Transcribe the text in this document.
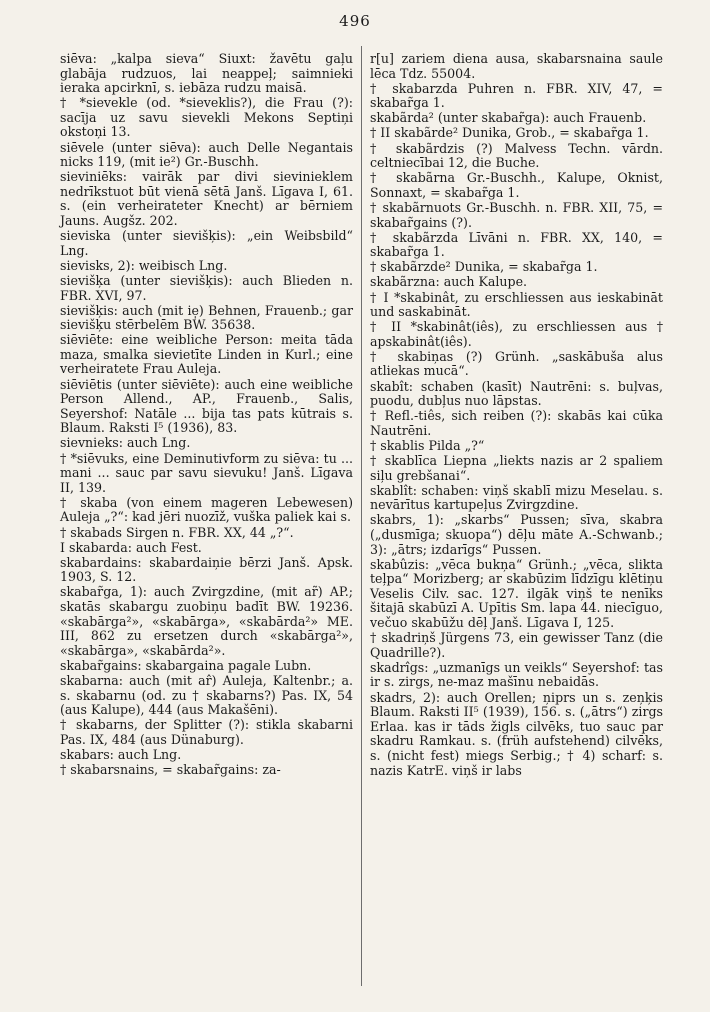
496

siēva: „kalpa sieva“ Siuxt: žavētu gaļu glabāja rudzuos, lai neappeļ; saimnieki ieraka apcirknī, s. iebāza rudzu maisā.

† *sievekle (od. *sieveklis?), die Frau (?): sacīja uz savu sievekli Mekons Septiņi okstoņi 13.

siēvele (unter siēva): auch Delle Negantais nicks 119, (mit ie²) Gr.-Buschh.

sieviniēks: vairāk par divi sievinieklem nedrīkstuot būt vienā sētā Janš. Līgava I, 61. s. (ein verheirateter Knecht) ar bērniem Jauns. Augšz. 202.

sieviska (unter sievišķis): „ein Weibsbild“ Lng.

sievisks, 2): weibisch Lng.

sievišķa (unter sievišķis): auch Blieden n. FBR. XVI, 97.

sievišķis: auch (mit ie̩) Behnen, Frauenb.; gar sievišķu stērbelēm BW. 35638.

siēviēte: eine weibliche Person: meita tāda maza, smalka sievietīte Linden in Kurl.; eine verheiratete Frau Auleja.

siēviētis (unter siēviēte): auch eine weibliche Person Allend., AP., Frauenb., Salis, Seyershof: Natāle ... bija tas pats kūtrais s. Blaum. Raksti I⁵ (1936), 83.

sievnieks: auch Lng.

† *siēvuks, eine Deminutivform zu siēva: tu ... mani ... sauc par savu sievuku! Janš. Līgava II, 139.

† skaba (von einem mageren Lebewesen) Auleja „?“: kad jēri nuozīž, vuška paliek kai s.

† skabads Sirgen n. FBR. XX, 44 „?“.

I skabarda: auch Fest.

skabardains: skabardaiņie bērzi Janš. Apsk. 1903, S. 12.

skabar̃ga, 1): auch Zvirgzdine, (mit ar̃) AP.; skatās skabargu zuobiņu badīt BW. 19236. «skabārga²», «skabārga», «skabārda²» ME. III, 862 zu ersetzen durch «skabārga²», «skabārga», «skabārda²».

skabar̃gains: skabargaina pagale Lubn.

skabarna: auch (mit ar̂) Auleja, Kaltenbr.; a. s. skabarnu (od. zu † skabarns?) Pas. IX, 54 (aus Kalupe), 444 (aus Makašēni).

† skabarns, der Splitter (?): stikla skabarni Pas. IX, 484 (aus Dünaburg).

skabars: auch Lng.

† skabarsnains, = skabar̃gains: za-

r[u] zariem diena ausa, skabarsnaina saule lēca Tdz. 55004.

† skabarzda Puhren n. FBR. XIV, 47, = skabar̃ga 1.

skabãrda² (unter skabar̃ga): auch Frauenb.

† II skabãrde² Dunika, Grob., = skabar̃ga 1.

† skabãrdzis (?) Malvess Techn. vārdn. celtniecībai 12, die Buche.

† skabãrna Gr.-Buschh., Kalupe, Oknist, Sonnaxt, = skabar̃ga 1.

† skabãrnuots Gr.-Buschh. n. FBR. XII, 75, = skabar̃gains (?).

† skabãrzda Līvāni n. FBR. XX, 140, = skabar̃ga 1.

† skabãrzde² Dunika, = skabar̃ga 1.

skabãrzna: auch Kalupe.

† I *skabinât, zu erschliessen aus ieskabināt und saskabināt.

† II *skabinât(iês), zu erschliessen aus † apskabinât(iês).

† skabiņas (?) Grünh. „saskābuša alus atliekas mucā“.

skabît: schaben (kasīt) Nautrēni: s. buļvas, puodu, dubļus nuo lāpstas.

† Refl.-tiês, sich reiben (?): skabās kai cūka Nautrēni.

† skablis Pilda „?“

† skablīca Liepna „liekts nazis ar 2 spaliem siļu grebšanai“.

skablît: schaben: viņš skablī mizu Meselau. s. nevārītus kartupeļus Zvirgzdine.

skabrs, 1): „skarbs“ Pussen; sīva, skabra („dusmīga; skuopa“) dēļu māte A.-Schwanb.; 3): „ātrs; izdarīgs“ Pussen.

skabûzis: „vēca bukņa“ Grünh.; „vēca, slikta teļpa“ Morizberg; ar skabūzim līdzīgu klētiņu Veselis Cilv. sac. 127. ilgāk viņš te nenīks šitajā skabūzī A. Upītis Sm. lapa 44. niecīguo, večuo skabūžu dēļ Janš. Līgava I, 125.

† skadriņš Jürgens 73, ein gewisser Tanz (die Quadrille?).

skadrîgs: „uzmanīgs un veikls“ Seyershof: tas ir s. zirgs, ne-maz mašīnu nebaidās.

skadrs, 2): auch Orellen; ņiprs un s. zeņķis Blaum. Raksti II⁵ (1939), 156. s. („ātrs“) zirgs Erlaa. kas ir tāds žigls cilvēks, tuo sauc par skadru Ramkau. s. (früh aufstehend) cilvēks, s. (nicht fest) miegs Serbig.; † 4) scharf: s. nazis KatrE. viņš ir labs
